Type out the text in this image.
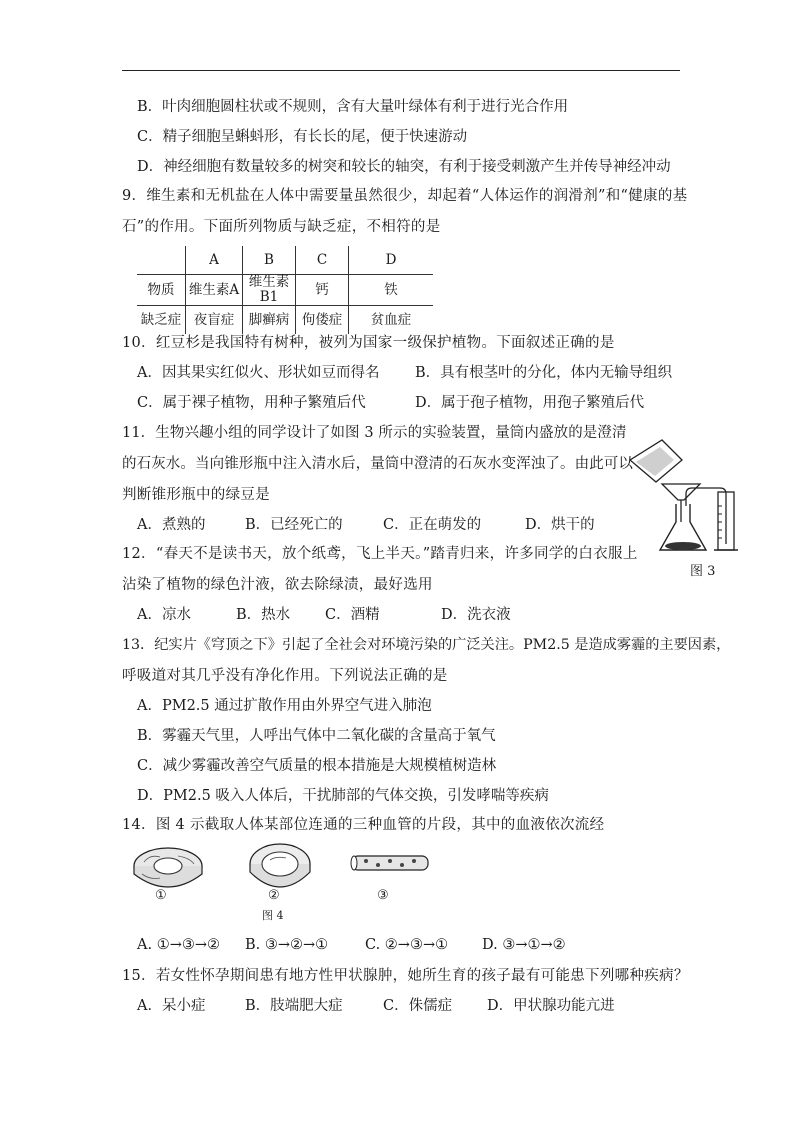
B．叶肉细胞圆柱状或不规则，含有大量叶绿体有利于进行光合作用
C．精子细胞呈蝌蚪形，有长长的尾，便于快速游动
D．神经细胞有数量较多的树突和较长的轴突，有利于接受刺激产生并传导神经冲动
9．维生素和无机盐在人体中需要量虽然很少，却起着“人体运作的润滑剂”和“健康的基
石”的作用。下面所列物质与缺乏症，不相符的是
	A	B	C	D
物质	维生素A	维生素B1	钙	铁
缺乏症	夜盲症	脚癣病	佝偻症	贫血症
10．红豆杉是我国特有树种，被列为国家一级保护植物。下面叙述正确的是
A．因其果实红似火、形状如豆而得名 B．具有根茎叶的分化，体内无输导组织
C．属于裸子植物，用种子繁殖后代	D．属于孢子植物，用孢子繁殖后代
11．生物兴趣小组的同学设计了如图 3 所示的实验装置，量筒内盛放的是澄清
的石灰水。当向锥形瓶中注入清水后，量筒中澄清的石灰水变浑浊了。由此可以
判断锥形瓶中的绿豆是
A．煮熟的	B．已经死亡的	C．正在萌发的	D．烘干的
图 3
12．“春天不是读书天，放个纸鸢，飞上半天。”踏青归来，许多同学的白衣服上
沾染了植物的绿色汁液，欲去除绿渍，最好选用
A．凉水	B．热水 C．酒精	D．洗衣液
13．纪实片《穹顶之下》引起了全社会对环境污染的广泛关注。PM2.5 是造成雾霾的主要因素，
呼吸道对其几乎没有净化作用。下列说法正确的是
A．PM2.5 通过扩散作用由外界空气进入肺泡
B．雾霾天气里，人呼出气体中二氧化碳的含量高于氧气
C．减少雾霾改善空气质量的根本措施是大规模植树造林
D．PM2.5 吸入人体后，干扰肺部的气体交换，引发哮喘等疾病
14．图 4 示截取人体某部位连通的三种血管的片段，其中的血液依次流经
①	②	③
图 4
A. ①→③→② B. ③→②→①	C. ②→③→① D. ③→①→②
15．若女性怀孕期间患有地方性甲状腺肿，她所生育的孩子最有可能患下列哪种疾病？
A．呆小症	B．肢端肥大症	C．侏儒症 D．甲状腺功能亢进
